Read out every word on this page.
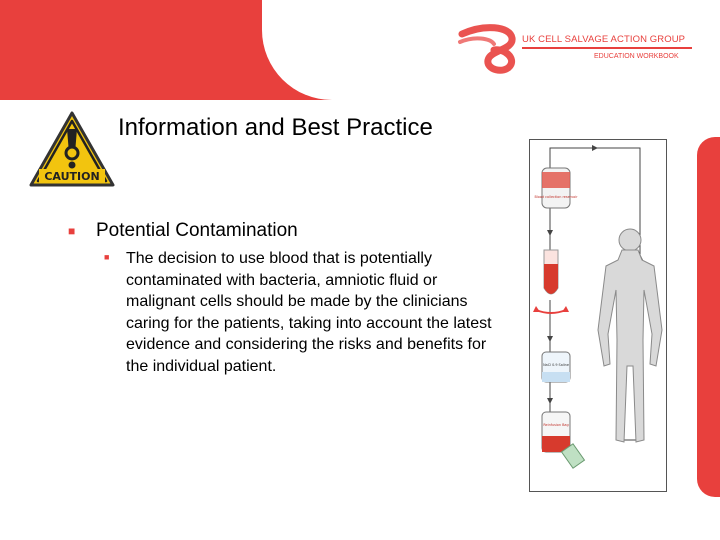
UK CELL SALVAGE ACTION GROUP
EDUCATION WORKBOOK
CAUTION
Information and Best Practice
■ Potential Contamination
■ The decision to use blood that is potentially contaminated with bacteria, amniotic fluid or malignant cells should be made by the clinicians caring for the patients, taking into account the latest evidence and considering the risks and benefits for the individual patient.
Blood collection reservoir
NaCl 0.9 Saline
Reinfusion Bag
